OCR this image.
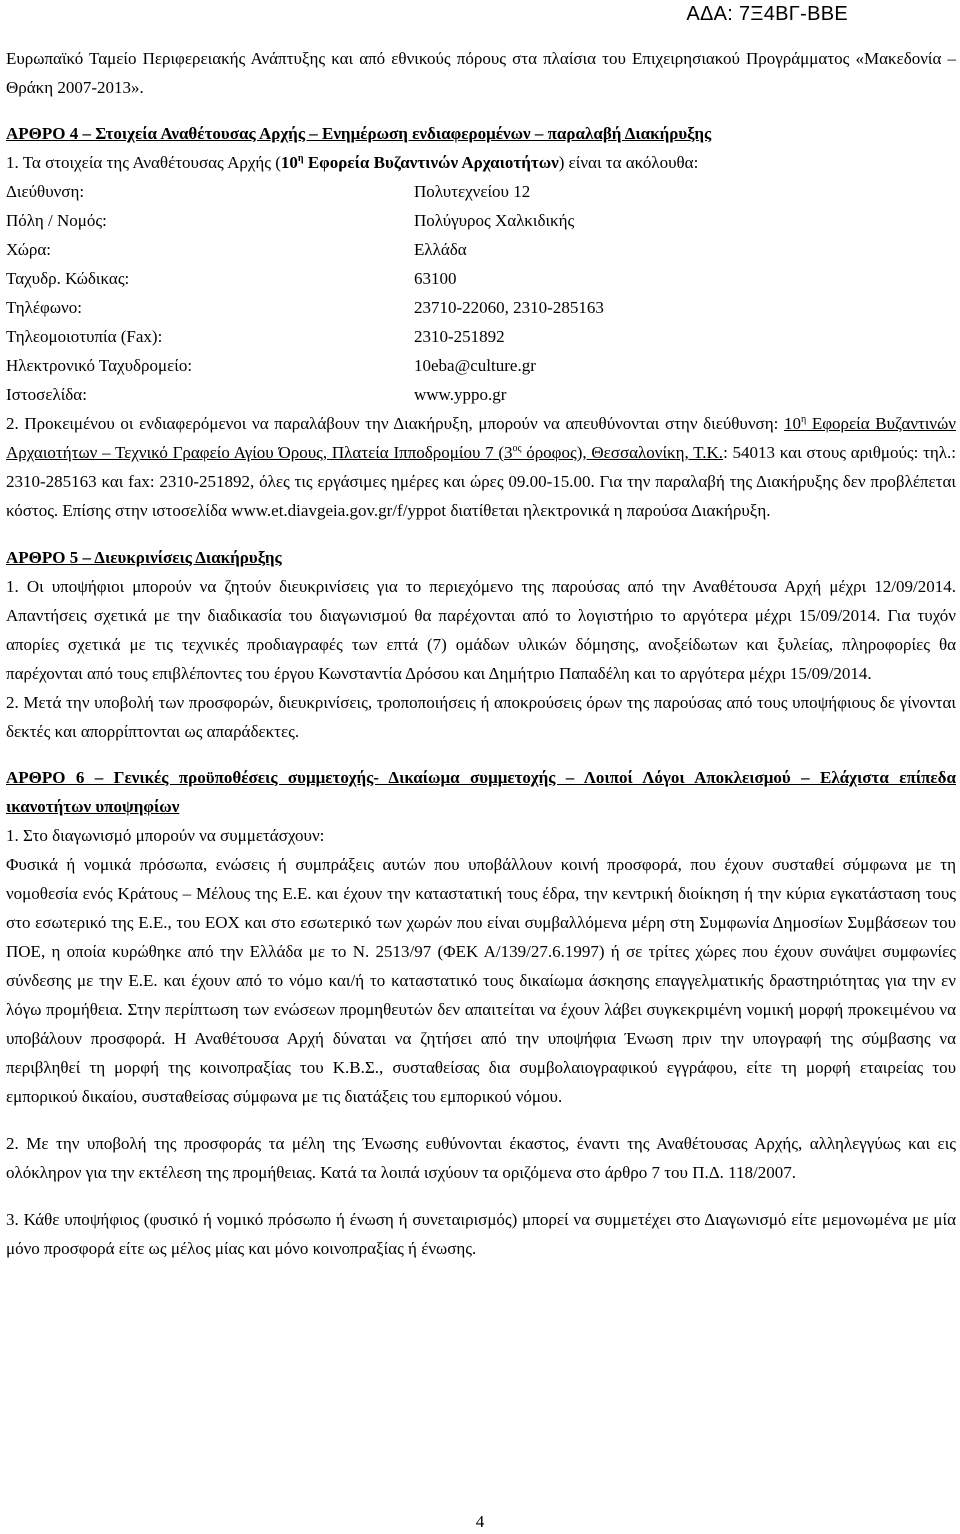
ΑΔΑ: 7Ξ4ΒΓ-ΒΒΕ

Ευρωπαϊκό Ταμείο Περιφερειακής Ανάπτυξης και από εθνικούς πόρους στα πλαίσια του Επιχειρησιακού Προγράμματος «Μακεδονία – Θράκη 2007-2013».

ΑΡΘΡΟ 4 – Στοιχεία Αναθέτουσας Αρχής – Ενημέρωση ενδιαφερομένων – παραλαβή Διακήρυξης

1. Τα στοιχεία της Αναθέτουσας Αρχής ($10^\eta$ Εφορεία Βυζαντινών Αρχαιοτήτων) είναι τα ακόλουθα:

Διεύθυνση:	Πολυτεχνείου 12
Πόλη / Νομός:	Πολύγυρος Χαλκιδικής
Χώρα:	Ελλάδα
Ταχυδρ. Κώδικας:	63100
Τηλέφωνο:	23710-22060, 2310-285163
Τηλεομοιοτυπία (Fax):	2310-251892
Ηλεκτρονικό Ταχυδρομείο:	10eba@culture.gr
Ιστοσελίδα:	www.yppo.gr

2. Προκειμένου οι ενδιαφερόμενοι να παραλάβουν την Διακήρυξη, μπορούν να απευθύνονται στην διεύθυνση: $10^\eta$ Εφορεία Βυζαντινών Αρχαιοτήτων – Τεχνικό Γραφείο Αγίου Όρους, Πλατεία Ιπποδρομίου 7 ($3^{o\varsigma}$ όροφος), Θεσσαλονίκη, Τ.Κ.: 54013 και στους αριθμούς: τηλ.: 2310-285163 και fax: 2310-251892, όλες τις εργάσιμες ημέρες και ώρες 09.00-15.00. Για την παραλαβή της Διακήρυξης δεν προβλέπεται κόστος. Επίσης στην ιστοσελίδα www.et.diavgeia.gov.gr/f/yppot διατίθεται ηλεκτρονικά η παρούσα Διακήρυξη.

ΑΡΘΡΟ 5 – Διευκρινίσεις Διακήρυξης

1. Οι υποψήφιοι μπορούν να ζητούν διευκρινίσεις για το περιεχόμενο της παρούσας από την Αναθέτουσα Αρχή μέχρι 12/09/2014. Απαντήσεις σχετικά με την διαδικασία του διαγωνισμού θα παρέχονται από το λογιστήριο το αργότερα μέχρι 15/09/2014. Για τυχόν απορίες σχετικά με τις τεχνικές προδιαγραφές των επτά (7) ομάδων υλικών δόμησης, ανοξείδωτων και ξυλείας, πληροφορίες θα παρέχονται από τους επιβλέποντες του έργου Κωνσταντία Δρόσου και Δημήτριο Παπαδέλη και το αργότερα μέχρι 15/09/2014.

2. Μετά την υποβολή των προσφορών, διευκρινίσεις, τροποποιήσεις ή αποκρούσεις όρων της παρούσας από τους υποψήφιους δε γίνονται δεκτές και απορρίπτονται ως απαράδεκτες.

ΑΡΘΡΟ 6 – Γενικές προϋποθέσεις συμμετοχής- Δικαίωμα συμμετοχής – Λοιποί Λόγοι Αποκλεισμού – Ελάχιστα επίπεδα ικανοτήτων υποψηφίων

1. Στο διαγωνισμό μπορούν να συμμετάσχουν:

Φυσικά ή νομικά πρόσωπα, ενώσεις ή συμπράξεις αυτών που υποβάλλουν κοινή προσφορά, που έχουν συσταθεί σύμφωνα με τη νομοθεσία ενός Κράτους – Μέλους της Ε.Ε. και έχουν την καταστατική τους έδρα, την κεντρική διοίκηση ή την κύρια εγκατάσταση τους στο εσωτερικό της Ε.Ε., του ΕΟΧ και στο εσωτερικό των χωρών που είναι συμβαλλόμενα μέρη στη Συμφωνία Δημοσίων Συμβάσεων του ΠΟΕ, η οποία κυρώθηκε από την Ελλάδα με το Ν. 2513/97 (ΦΕΚ Α/139/27.6.1997) ή σε τρίτες χώρες που έχουν συνάψει συμφωνίες σύνδεσης με την Ε.Ε. και έχουν από το νόμο και/ή το καταστατικό τους δικαίωμα άσκησης επαγγελματικής δραστηριότητας για την εν λόγω προμήθεια. Στην περίπτωση των ενώσεων προμηθευτών δεν απαιτείται να έχουν λάβει συγκεκριμένη νομική μορφή προκειμένου να υποβάλουν προσφορά. Η Αναθέτουσα Αρχή δύναται να ζητήσει από την υποψήφια Ένωση πριν την υπογραφή της σύμβασης να περιβληθεί τη μορφή της κοινοπραξίας του Κ.Β.Σ., συσταθείσας δια συμβολαιογραφικού εγγράφου, είτε τη μορφή εταιρείας του εμπορικού δικαίου, συσταθείσας σύμφωνα με τις διατάξεις του εμπορικού νόμου.

2. Με την υποβολή της προσφοράς τα μέλη της Ένωσης ευθύνονται έκαστος, έναντι της Αναθέτουσας Αρχής, αλληλεγγύως και εις ολόκληρον για την εκτέλεση της προμήθειας. Κατά τα λοιπά ισχύουν τα οριζόμενα στο άρθρο 7 του Π.Δ. 118/2007.

3. Κάθε υποψήφιος (φυσικό ή νομικό πρόσωπο ή ένωση ή συνεταιρισμός) μπορεί να συμμετέχει στο Διαγωνισμό είτε μεμονωμένα με μία μόνο προσφορά είτε ως μέλος μίας και μόνο κοινοπραξίας ή ένωσης.

4
